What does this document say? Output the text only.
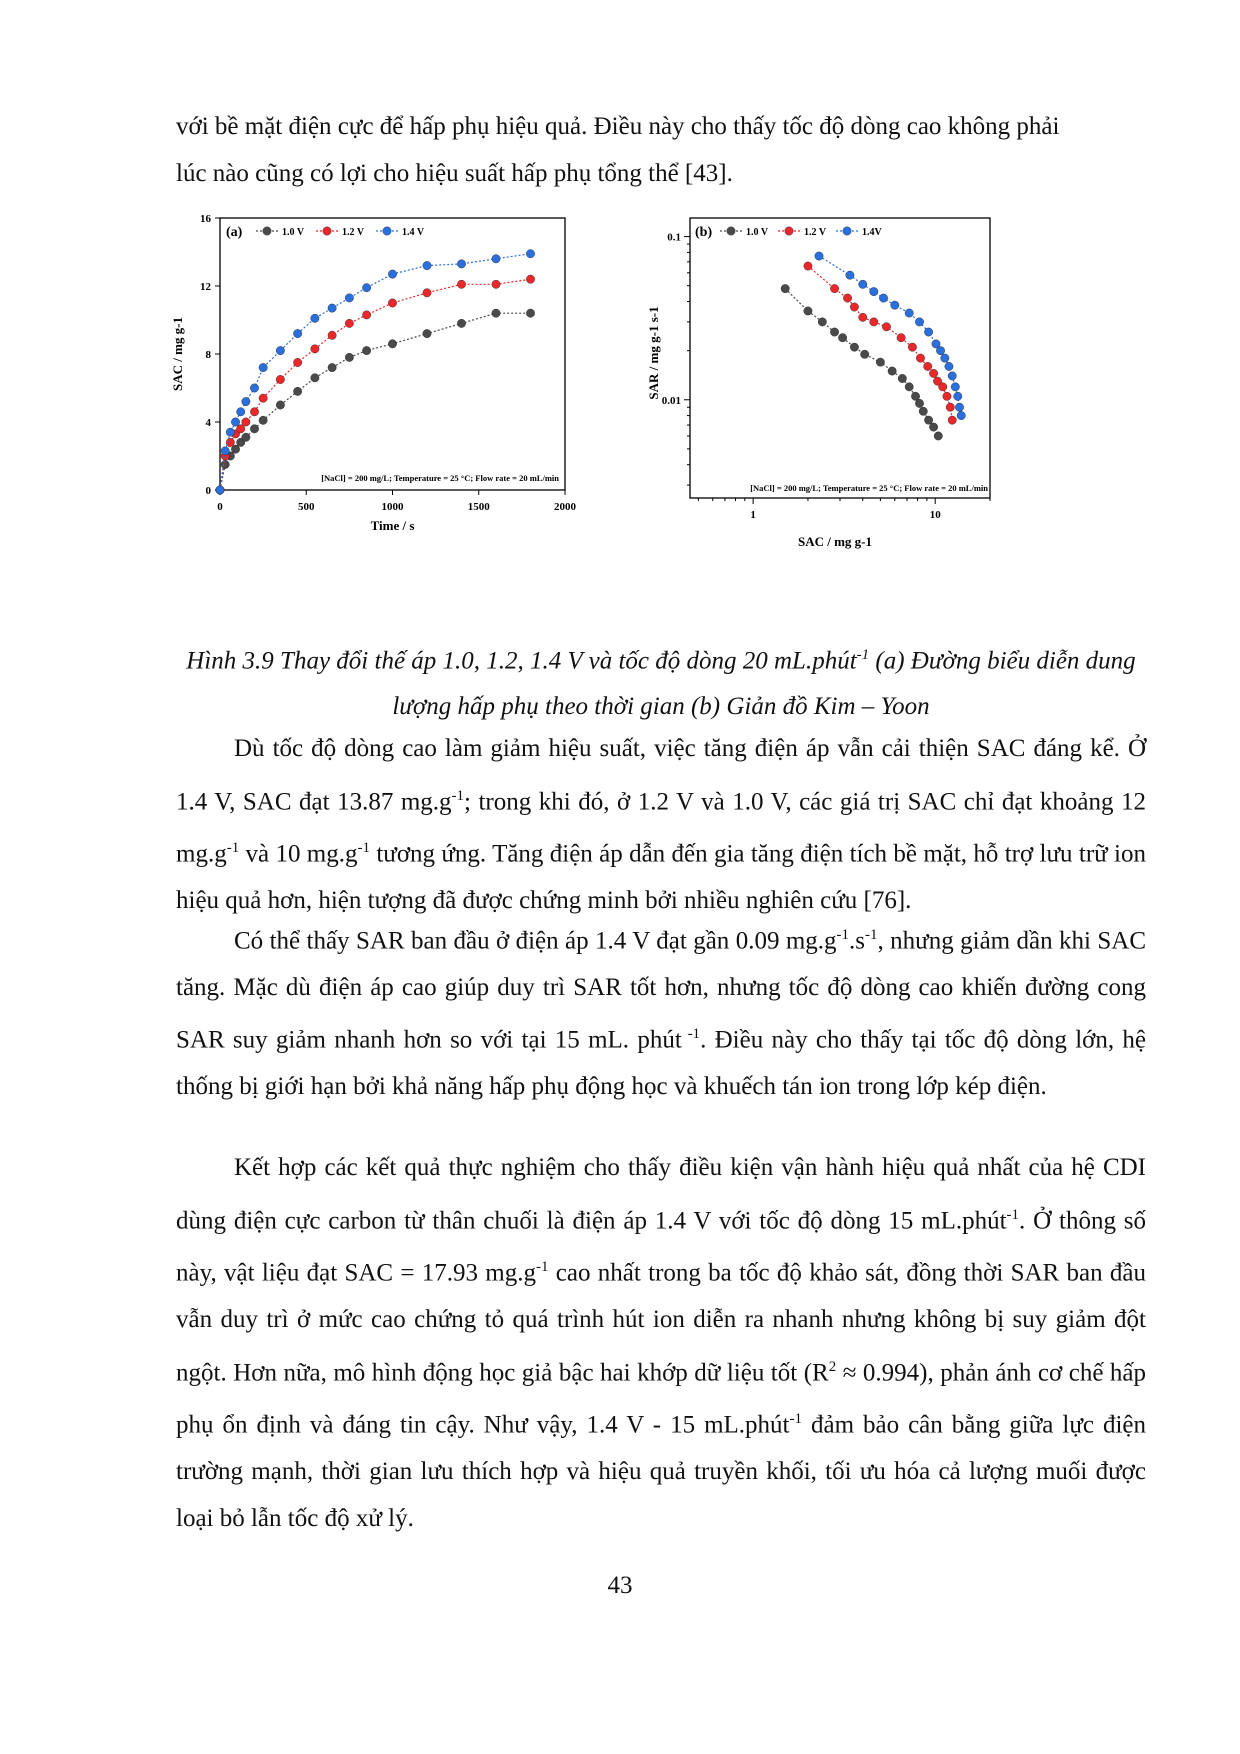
với bề mặt điện cực để hấp phụ hiệu quả. Điều này cho thấy tốc độ dòng cao không phải
lúc nào cũng có lợi cho hiệu suất hấp phụ tổng thể [43].

0	500	1000	1500	2000
0
4
8
12
16
Time / s
SAC / mg g-1
(a)	1.0 V	1.2 V	1.4 V
[NaCl] = 200 mg/L; Temperature = 25 °C; Flow rate = 20 mL/min
1	10
0.01
0.1
SAC / mg g-1
SAR / mg g-1 s-1
(b)	1.0 V	1.2 V	1.4V
[NaCl] = 200 mg/L; Temperature = 25 °C; Flow rate = 20 mL/min

Hình 3.9 Thay đổi thế áp 1.0, 1.2, 1.4 V và tốc độ dòng 20 mL.phút$^{-1}$ (a) Đường biểu diễn dung lượng hấp phụ theo thời gian (b) Giản đồ Kim – Yoon

Dù tốc độ dòng cao làm giảm hiệu suất, việc tăng điện áp vẫn cải thiện SAC đáng kể. Ở 1.4 V, SAC đạt 13.87 $mg.g^{-1}$; trong khi đó, ở 1.2 V và 1.0 V, các giá trị SAC chỉ đạt khoảng 12 $mg.g^{-1}$ và 10 $mg.g^{-1}$ tương ứng. Tăng điện áp dẫn đến gia tăng điện tích bề mặt, hỗ trợ lưu trữ ion hiệu quả hơn, hiện tượng đã được chứng minh bởi nhiều nghiên cứu [76].

Có thể thấy SAR ban đầu ở điện áp 1.4 V đạt gần 0.09 $mg.g^{-1}.s^{-1}$, nhưng giảm dần khi SAC tăng. Mặc dù điện áp cao giúp duy trì SAR tốt hơn, nhưng tốc độ dòng cao khiến đường cong SAR suy giảm nhanh hơn so với tại 15 mL. phút $^{-1}$. Điều này cho thấy tại tốc độ dòng lớn, hệ thống bị giới hạn bởi khả năng hấp phụ động học và khuếch tán ion trong lớp kép điện.

Kết hợp các kết quả thực nghiệm cho thấy điều kiện vận hành hiệu quả nhất của hệ CDI dùng điện cực carbon từ thân chuối là điện áp 1.4 V với tốc độ dòng 15 mL.phút$^{-1}$. Ở thông số này, vật liệu đạt SAC = 17.93 $mg.g^{-1}$ cao nhất trong ba tốc độ khảo sát, đồng thời SAR ban đầu vẫn duy trì ở mức cao chứng tỏ quá trình hút ion diễn ra nhanh nhưng không bị suy giảm đột ngột. Hơn nữa, mô hình động học giả bậc hai khớp dữ liệu tốt $(R^2 \approx 0.994)$, phản ánh cơ chế hấp phụ ổn định và đáng tin cậy. Như vậy, 1.4 V - 15 mL.phút$^{-1}$ đảm bảo cân bằng giữa lực điện trường mạnh, thời gian lưu thích hợp và hiệu quả truyền khối, tối ưu hóa cả lượng muối được loại bỏ lẫn tốc độ xử lý.

43
